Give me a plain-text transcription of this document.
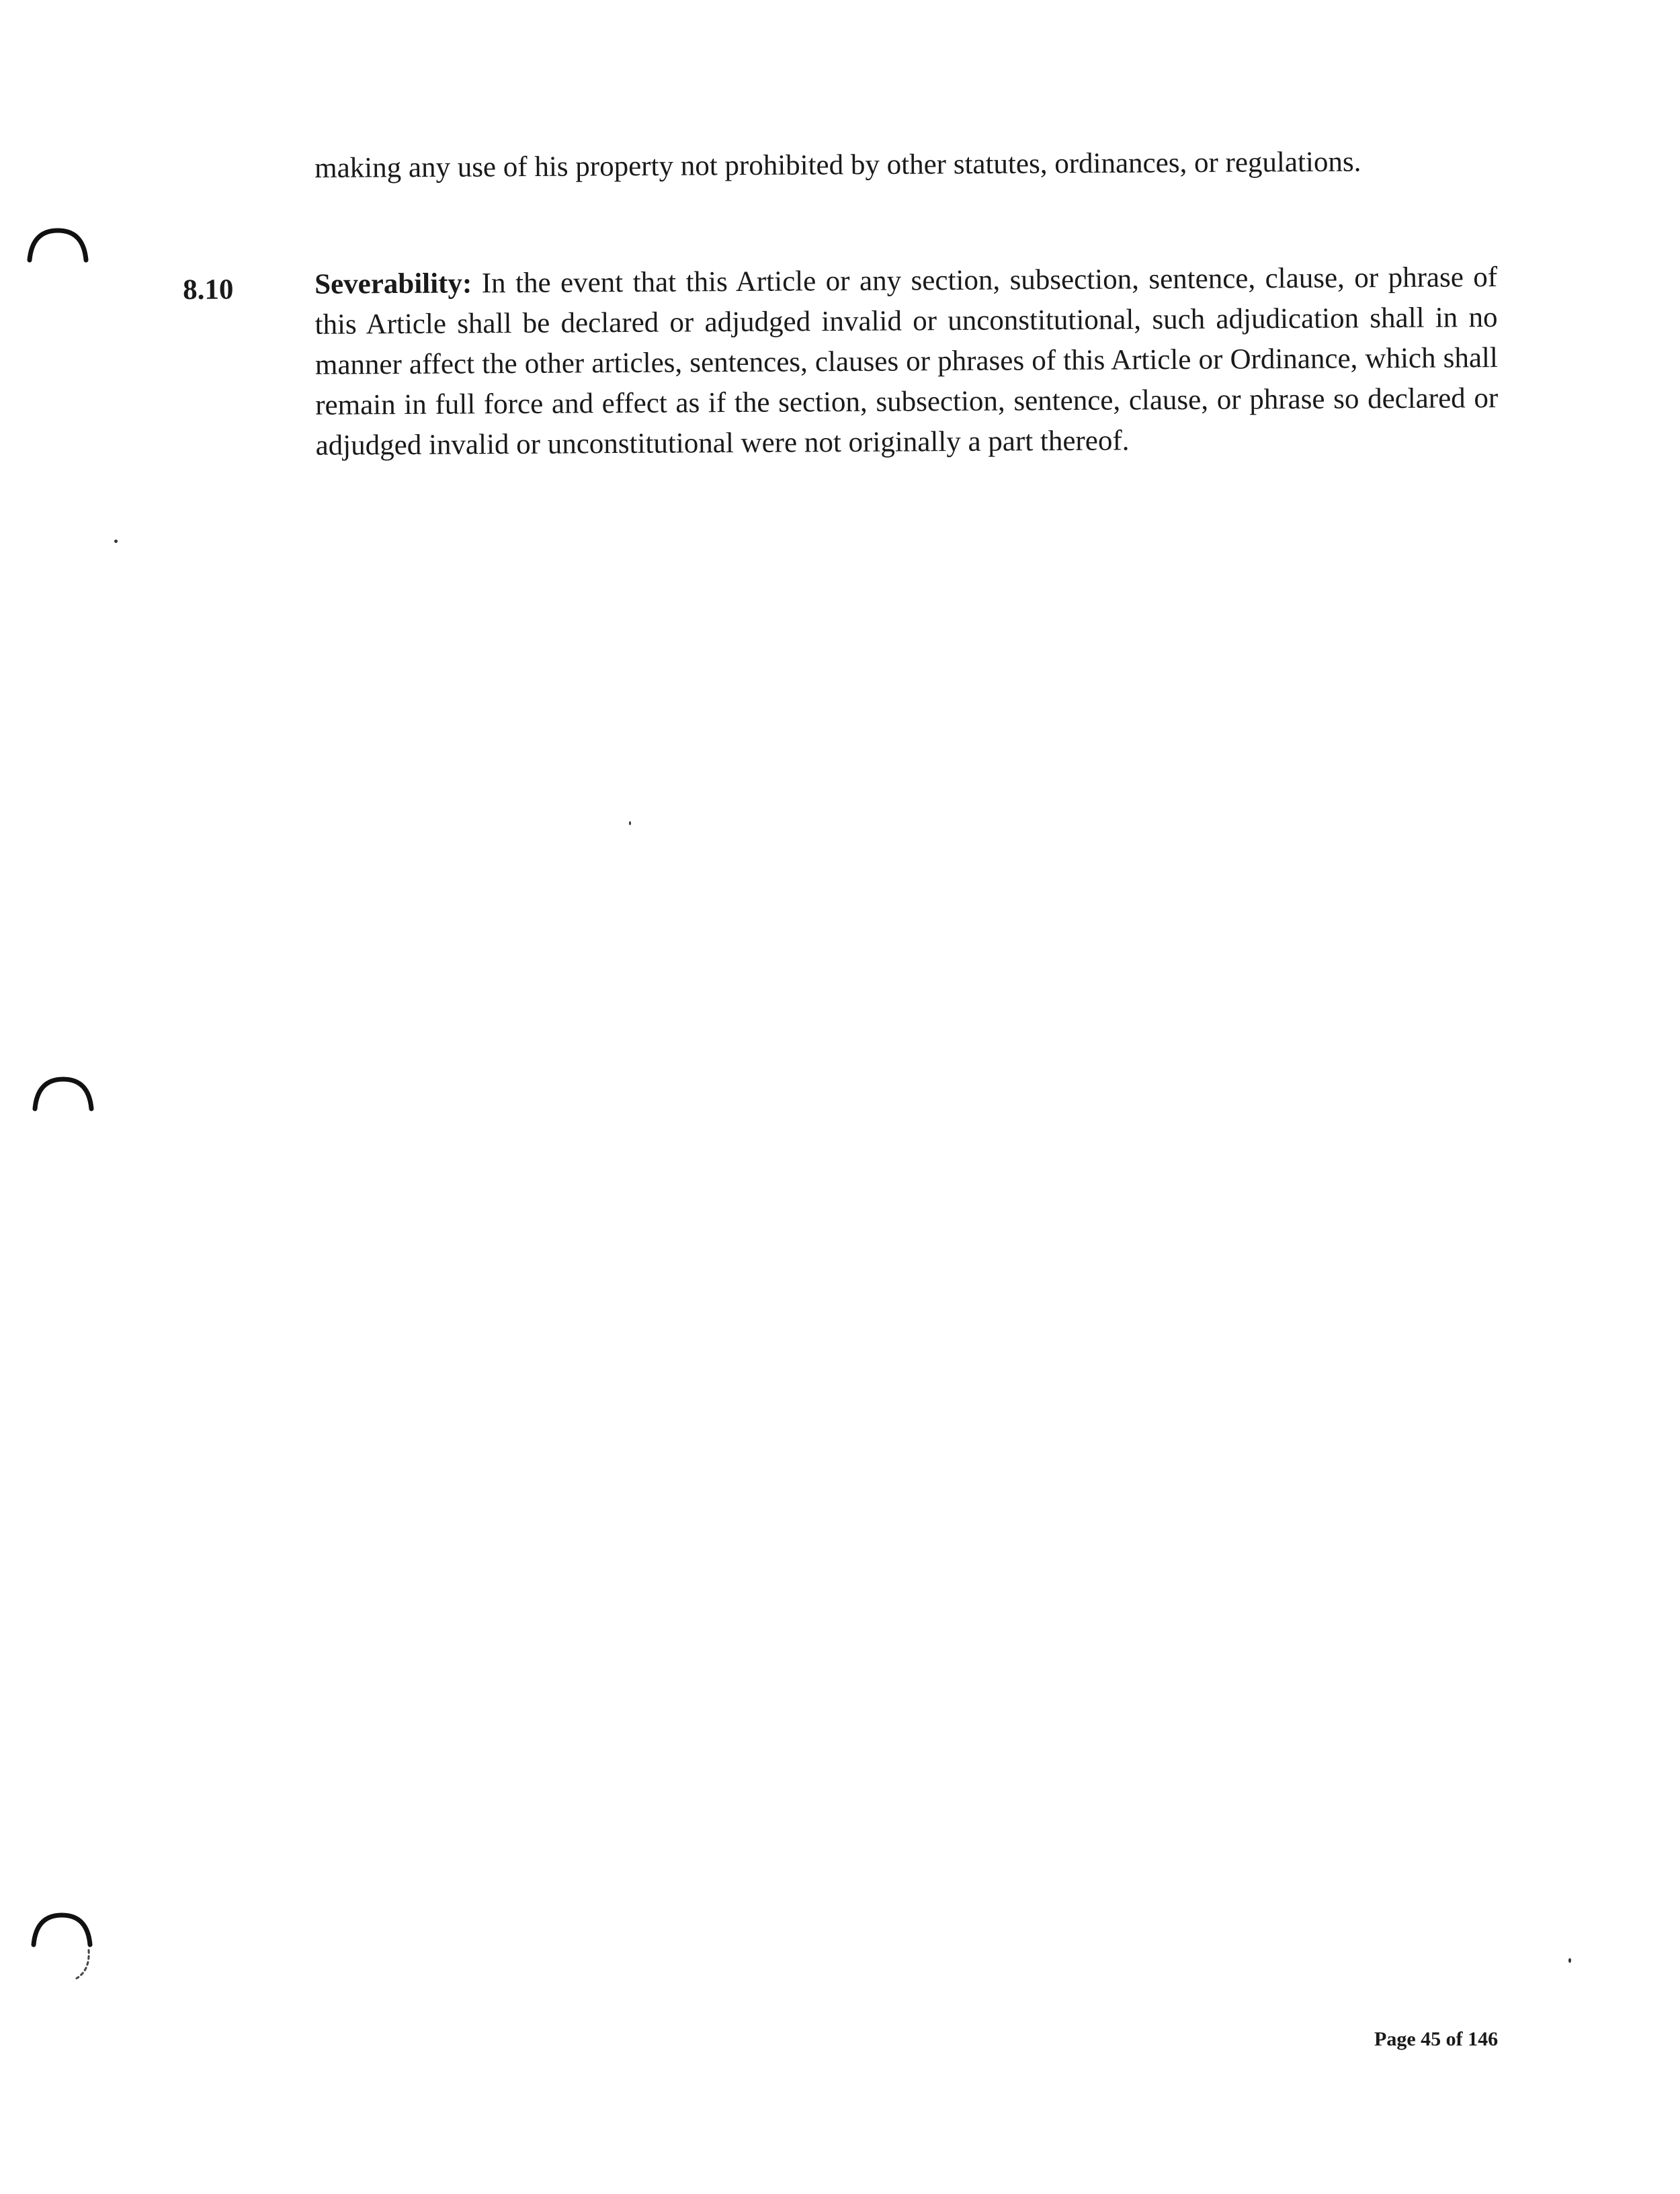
making any use of his property not prohibited by other statutes, ordinances, or regulations.

8.10	Severability: In the event that this Article or any section, subsection, sentence, clause, or phrase of this Article shall be declared or adjudged invalid or unconstitutional, such adjudication shall in no manner affect the other articles, sentences, clauses or phrases of this Article or Ordinance, which shall remain in full force and effect as if the section, subsection, sentence, clause, or phrase so declared or adjudged invalid or unconstitutional were not originally a part thereof.

Page 45 of 146
